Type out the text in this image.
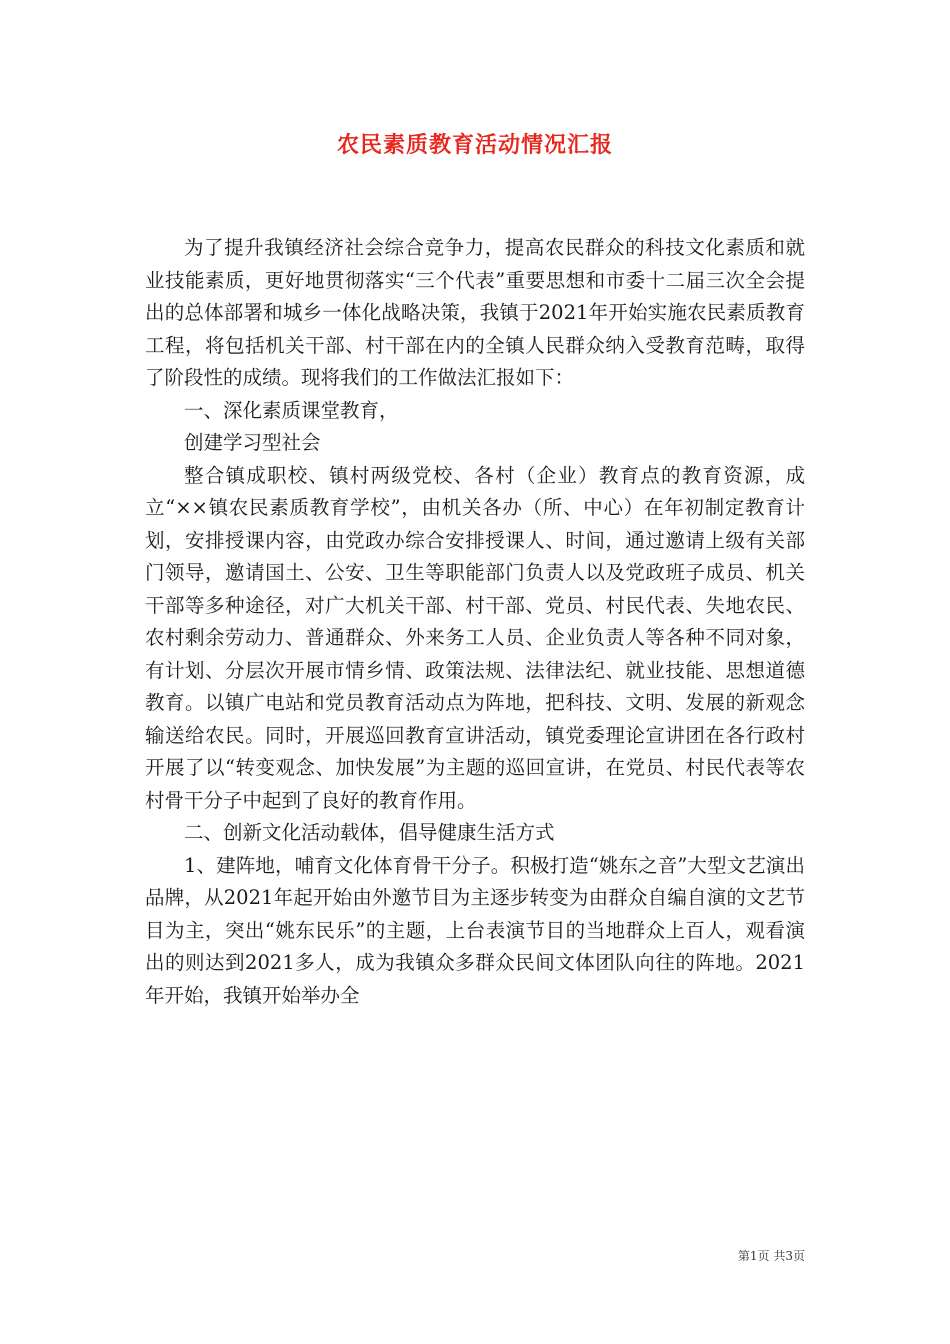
农民素质教育活动情况汇报

为了提升我镇经济社会综合竞争力，提高农民群众的科技文化素质和就业技能素质，更好地贯彻落实“三个代表”重要思想和市委十二届三次全会提出的总体部署和城乡一体化战略决策，我镇于2021年开始实施农民素质教育工程，将包括机关干部、村干部在内的全镇人民群众纳入受教育范畴，取得了阶段性的成绩。现将我们的工作做法汇报如下：

一、深化素质课堂教育，

创建学习型社会

整合镇成职校、镇村两级党校、各村（企业）教育点的教育资源，成立“××镇农民素质教育学校”，由机关各办（所、中心）在年初制定教育计划，安排授课内容，由党政办综合安排授课人、时间，通过邀请上级有关部门领导，邀请国土、公安、卫生等职能部门负责人以及党政班子成员、机关干部等多种途径，对广大机关干部、村干部、党员、村民代表、失地农民、农村剩余劳动力、普通群众、外来务工人员、企业负责人等各种不同对象，有计划、分层次开展市情乡情、政策法规、法律法纪、就业技能、思想道德教育。以镇广电站和党员教育活动点为阵地，把科技、文明、发展的新观念输送给农民。同时，开展巡回教育宣讲活动，镇党委理论宣讲团在各行政村开展了以“转变观念、加快发展”为主题的巡回宣讲，在党员、村民代表等农村骨干分子中起到了良好的教育作用。

二、创新文化活动载体，倡导健康生活方式

1、建阵地，哺育文化体育骨干分子。积极打造“姚东之音”大型文艺演出品牌，从2021年起开始由外邀节目为主逐步转变为由群众自编自演的文艺节目为主，突出“姚东民乐”的主题，上台表演节目的当地群众上百人，观看演出的则达到2021多人，成为我镇众多群众民间文体团队向往的阵地。2021年开始，我镇开始举办全

第1页 共3页
